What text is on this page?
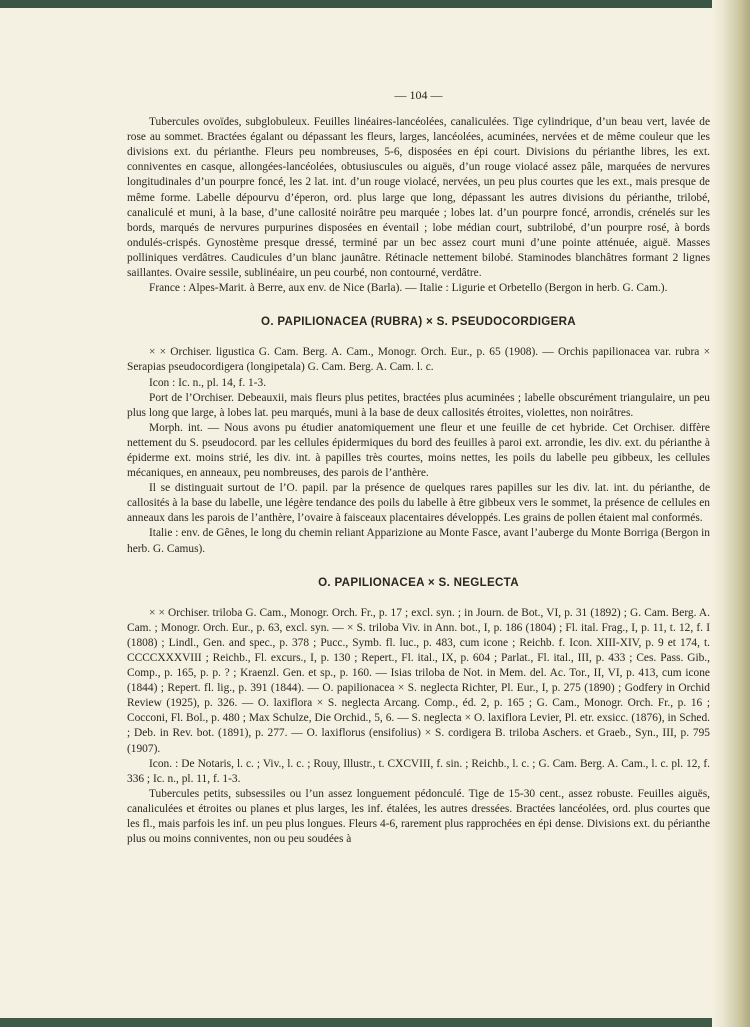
— 104 —

Tubercules ovoïdes, subglobuleux. Feuilles linéaires-lancéolées, canaliculées. Tige cylindrique, d’un beau vert, lavée de rose au sommet. Bractées égalant ou dépassant les fleurs, larges, lancéolées, acuminées, nervées et de même couleur que les divisions ext. du périanthe. Fleurs peu nombreuses, 5-6, disposées en épi court. Divisions du périanthe libres, les ext. conniventes en casque, allongées-lancéolées, obtusiuscules ou aiguës, d’un rouge violacé assez pâle, marquées de nervures longitudinales d’un pourpre foncé, les 2 lat. int. d’un rouge violacé, nervées, un peu plus courtes que les ext., mais presque de même forme. Labelle dépourvu d’éperon, ord. plus large que long, dépassant les autres divisions du périanthe, trilobé, canaliculé et muni, à la base, d’une callosité noirâtre peu marquée ; lobes lat. d’un pourpre foncé, arrondis, crénelés sur les bords, marqués de nervures purpurines disposées en éventail ; lobe médian court, subtrilobé, d’un pourpre rosé, à bords ondulés-crispés. Gynostème presque dressé, terminé par un bec assez court muni d’une pointe atténuée, aiguë. Masses polliniques verdâtres. Caudicules d’un blanc jaunâtre. Rétinacle nettement bilobé. Staminodes blanchâtres formant 2 lignes saillantes. Ovaire sessile, sublinéaire, un peu courbé, non contourné, verdâtre.

France : Alpes-Marit. à Berre, aux env. de Nice (Barla). — Italie : Ligurie et Orbetello (Bergon in herb. G. Cam.).

O. PAPILIONACEA (RUBRA) × S. PSEUDOCORDIGERA

× × Orchiser. ligustica G. Cam. Berg. A. Cam., Monogr. Orch. Eur., p. 65 (1908). — Orchis papilionacea var. rubra × Serapias pseudocordigera (longipetala) G. Cam. Berg. A. Cam. l. c.

Icon : Ic. n., pl. 14, f. 1-3.

Port de l’Orchiser. Debeauxii, mais fleurs plus petites, bractées plus acuminées ; labelle obscurément triangulaire, un peu plus long que large, à lobes lat. peu marqués, muni à la base de deux callosités étroites, violettes, non noirâtres.

Morph. int. — Nous avons pu étudier anatomiquement une fleur et une feuille de cet hybride. Cet Orchiser. diffère nettement du S. pseudocord. par les cellules épidermiques du bord des feuilles à paroi ext. arrondie, les div. ext. du périanthe à épiderme ext. moins strié, les div. int. à papilles très courtes, moins nettes, les poils du labelle peu gibbeux, les cellules mécaniques, en anneaux, peu nombreuses, des parois de l’anthère.

Il se distinguait surtout de l’O. papil. par la présence de quelques rares papilles sur les div. lat. int. du périanthe, de callosités à la base du labelle, une légère tendance des poils du labelle à être gibbeux vers le sommet, la présence de cellules en anneaux dans les parois de l’anthère, l’ovaire à faisceaux placentaires développés. Les grains de pollen étaient mal conformés.

Italie : env. de Gênes, le long du chemin reliant Apparizione au Monte Fasce, avant l’auberge du Monte Borriga (Bergon in herb. G. Camus).

O. PAPILIONACEA × S. NEGLECTA

× × Orchiser. triloba G. Cam., Monogr. Orch. Fr., p. 17 ; excl. syn. ; in Journ. de Bot., VI, p. 31 (1892) ; G. Cam. Berg. A. Cam. ; Monogr. Orch. Eur., p. 63, excl. syn. — × S. triloba Viv. in Ann. bot., I, p. 186 (1804) ; Fl. ital. Frag., I, p. 11, t. 12, f. I (1808) ; Lindl., Gen. and spec., p. 378 ; Pucc., Symb. fl. luc., p. 483, cum icone ; Reichb. f. Icon. XIII-XIV, p. 9 et 174, t. CCCCXXXVIII ; Reichb., Fl. excurs., I, p. 130 ; Repert., Fl. ital., IX, p. 604 ; Parlat., Fl. ital., III, p. 433 ; Ces. Pass. Gib., Comp., p. 165, p. p. ? ; Kraenzl. Gen. et sp., p. 160. — Isias triloba de Not. in Mem. del. Ac. Tor., II, VI, p. 413, cum icone (1844) ; Repert. fl. lig., p. 391 (1844). — O. papilionacea × S. neglecta Richter, Pl. Eur., I, p. 275 (1890) ; Godfery in Orchid Review (1925), p. 326. — O. laxiflora × S. neglecta Arcang. Comp., éd. 2, p. 165 ; G. Cam., Monogr. Orch. Fr., p. 16 ; Cocconi, Fl. Bol., p. 480 ; Max Schulze, Die Orchid., 5, 6. — S. neglecta × O. laxiflora Levier, Pl. etr. exsicc. (1876), in Sched. ; Deb. in Rev. bot. (1891), p. 277. — O. laxiflorus (ensifolius) × S. cordigera B. triloba Aschers. et Graeb., Syn., III, p. 795 (1907).

Icon. : De Notaris, l. c. ; Viv., l. c. ; Rouy, Illustr., t. CXCVIII, f. sin. ; Reichb., l. c. ; G. Cam. Berg. A. Cam., l. c. pl. 12, f. 336 ; Ic. n., pl. 11, f. 1-3.

Tubercules petits, subsessiles ou l’un assez longuement pédonculé. Tige de 15-30 cent., assez robuste. Feuilles aiguës, canaliculées et étroites ou planes et plus larges, les inf. étalées, les autres dressées. Bractées lancéolées, ord. plus courtes que les fl., mais parfois les inf. un peu plus longues. Fleurs 4-6, rarement plus rapprochées en épi dense. Divisions ext. du périanthe plus ou moins conniventes, non ou peu soudées à
